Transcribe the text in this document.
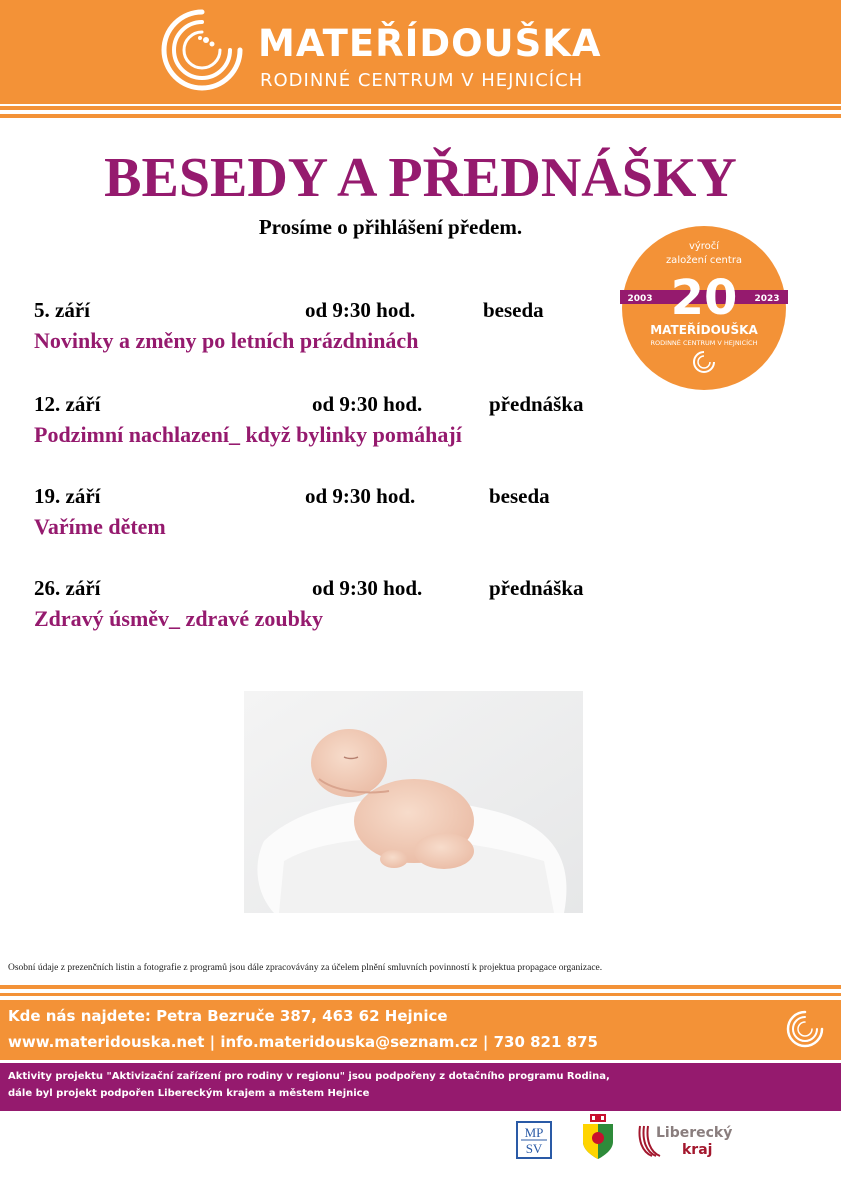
MATEŘÍDOUŠKA
RODINNÉ CENTRUM V HEJNICÍCH
BESEDY A PŘEDNÁŠKY
Prosíme o přihlášení předem.
výročí
založení centra
20
2003	2023
MATEŘÍDOUŠKA
RODINNÉ CENTRUM V HEJNICÍCH
5. září	od 9:30 hod.	beseda
Novinky a změny po letních prázdninách
12. září	od 9:30 hod.	přednáška
Podzimní nachlazení_ když bylinky pomáhají
19. září	od 9:30 hod.	beseda
Vaříme dětem
26. září	od 9:30 hod.	přednáška
Zdravý úsměv_ zdravé zoubky
Osobní údaje z prezenčních listin a fotografie z programů jsou dále zpracovávány za účelem plnění smluvních povinností k projektua propagace organizace.
Kde nás najdete: Petra Bezruče 387, 463 62 Hejnice
www.materidouska.net | info.materidouska@seznam.cz | 730 821 875
Aktivity projektu "Aktivizační zařízení pro rodiny v regionu" jsou podpořeny z dotačního programu Rodina,
dále byl projekt podpořen Libereckým krajem a městem Hejnice
MP
SV
Liberecký
kraj
